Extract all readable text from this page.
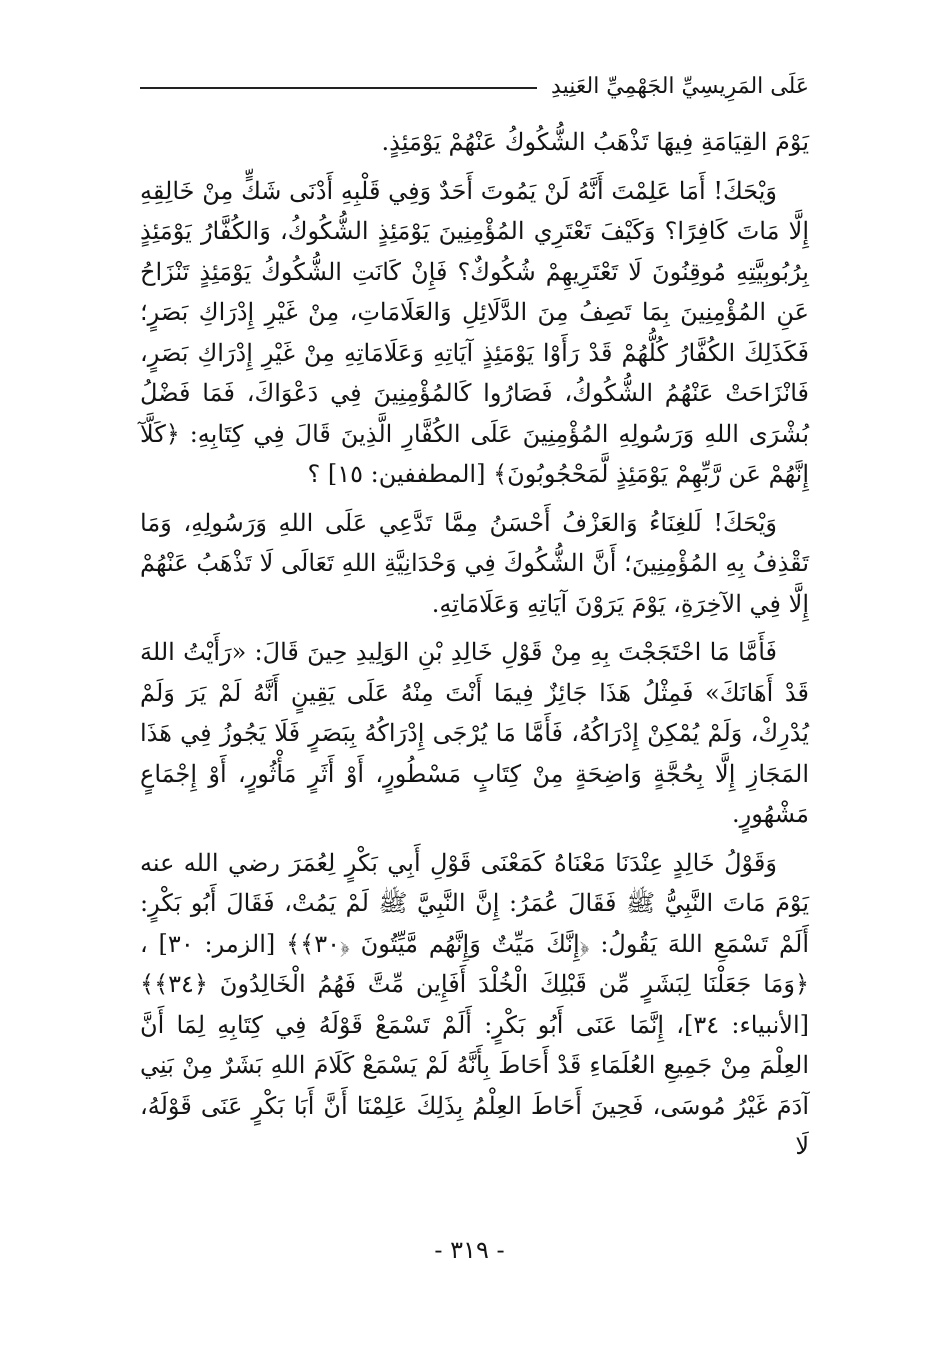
عَلَى المَرِيسِيِّ الجَهْمِيِّ العَنِيدِ

يَوْمَ القِيَامَةِ فِيهَا تَذْهَبُ الشُّكُوكُ عَنْهُمْ يَوْمَئِذٍ.

وَيْحَكَ! أَمَا عَلِمْتَ أَنَّهُ لَنْ يَمُوتَ أَحَدٌ وَفِي قَلْبِهِ أَدْنَى شَكٍّ مِنْ خَالِقِهِ إِلَّا مَاتَ كَافِرًا؟ وَكَيْفَ تَعْتَرِي المُؤْمِنِينَ يَوْمَئِذٍ الشُّكُوكُ، وَالكُفَّارُ يَوْمَئِذٍ بِرُبُوبِيَّتِهِ مُوقِنُونَ لَا تَعْتَرِيهِمْ شُكُوكٌ؟ فَإِنْ كَانَتِ الشُّكُوكُ يَوْمَئِذٍ تَنْزَاحُ عَنِ المُؤْمِنِينَ بِمَا تَصِفُ مِنَ الدَّلَائِلِ وَالعَلَامَاتِ، مِنْ غَيْرِ إِدْرَاكِ بَصَرٍ؛ فَكَذَلِكَ الكُفَّارُ كُلُّهُمْ قَدْ رَأَوْا يَوْمَئِذٍ آيَاتِهِ وَعَلَامَاتِهِ مِنْ غَيْرِ إِدْرَاكِ بَصَرٍ، فَانْزَاحَتْ عَنْهُمُ الشُّكُوكُ، فَصَارُوا كَالمُؤْمِنِينَ فِي دَعْوَاكَ، فَمَا فَضْلُ بُشْرَى اللهِ وَرَسُولِهِ المُؤْمِنِينَ عَلَى الكُفَّارِ الَّذِينَ قَالَ فِي كِتَابِهِ: ﴿كَلَّآ إِنَّهُمْ عَن رَّبِّهِمْ يَوْمَئِذٍ لَّمَحْجُوبُونَ﴾ [المطففين: ١٥] ؟

وَيْحَكَ! لَلغِنَاءُ وَالعَزْفُ أَحْسَنُ مِمَّا تَدَّعِي عَلَى اللهِ وَرَسُولِهِ، وَمَا تَقْذِفُ بِهِ المُؤْمِنِينَ؛ أَنَّ الشُّكُوكَ فِي وَحْدَانِيَّةِ اللهِ تَعَالَى لَا تَذْهَبُ عَنْهُمْ إِلَّا فِي الآخِرَةِ، يَوْمَ يَرَوْنَ آيَاتِهِ وَعَلَامَاتِهِ.

فَأَمَّا مَا احْتَجَجْتَ بِهِ مِنْ قَوْلِ خَالِدِ بْنِ الوَلِيدِ حِينَ قَالَ: «رَأَيْتُ اللهَ قَدْ أَهَانَكَ» فَمِثْلُ هَذَا جَائِزٌ فِيمَا أَنْتَ مِنْهُ عَلَى يَقِينٍ أَنَّهُ لَمْ يَرَ وَلَمْ يُدْرِكْ، وَلَمْ يُمْكِنْ إِدْرَاكُهُ، فَأَمَّا مَا يُرْجَى إِدْرَاكُهُ بِبَصَرٍ فَلَا يَجُوزُ فِي هَذَا المَجَازِ إِلَّا بِحُجَّةٍ وَاضِحَةٍ مِنْ كِتَابٍ مَسْطُورٍ، أَوْ أَثَرٍ مَأْثُورٍ، أَوْ إِجْمَاعٍ مَشْهُورٍ.

وَقَوْلُ خَالِدٍ عِنْدَنَا مَعْنَاهُ كَمَعْنَى قَوْلِ أَبِي بَكْرٍ لِعُمَرَ رضي الله عنه يَوْمَ مَاتَ النَّبِيُّ ﷺ فَقَالَ عُمَرُ: إِنَّ النَّبِيَّ ﷺ لَمْ يَمُتْ، فَقَالَ أَبُو بَكْرٍ: أَلَمْ تَسْمَعِ اللهَ يَقُولُ: ﴿إِنَّكَ مَيِّتٌ وَإِنَّهُم مَّيِّتُونَ ﴿٣٠﴾﴾ [الزمر: ٣٠] ، ﴿وَمَا جَعَلْنَا لِبَشَرٍ مِّن قَبْلِكَ الْخُلْدَ أَفَإِين مِّتَّ فَهُمُ الْخَالِدُونَ ﴿٣٤﴾﴾ [الأنبياء: ٣٤]، إِنَّمَا عَنَى أَبُو بَكْرٍ: أَلَمْ تَسْمَعْ قَوْلَهُ فِي كِتَابِهِ لِمَا أَنَّ العِلْمَ مِنْ جَمِيعِ العُلَمَاءِ قَدْ أَحَاطَ بِأَنَّهُ لَمْ يَسْمَعْ كَلَامَ اللهِ بَشَرٌ مِنْ بَنِي آدَمَ غَيْرُ مُوسَى، فَحِينَ أَحَاطَ العِلْمُ بِذَلِكَ عَلِمْنَا أَنَّ أَبَا بَكْرٍ عَنَى قَوْلَهُ، لَا

- ٣١٩ -
